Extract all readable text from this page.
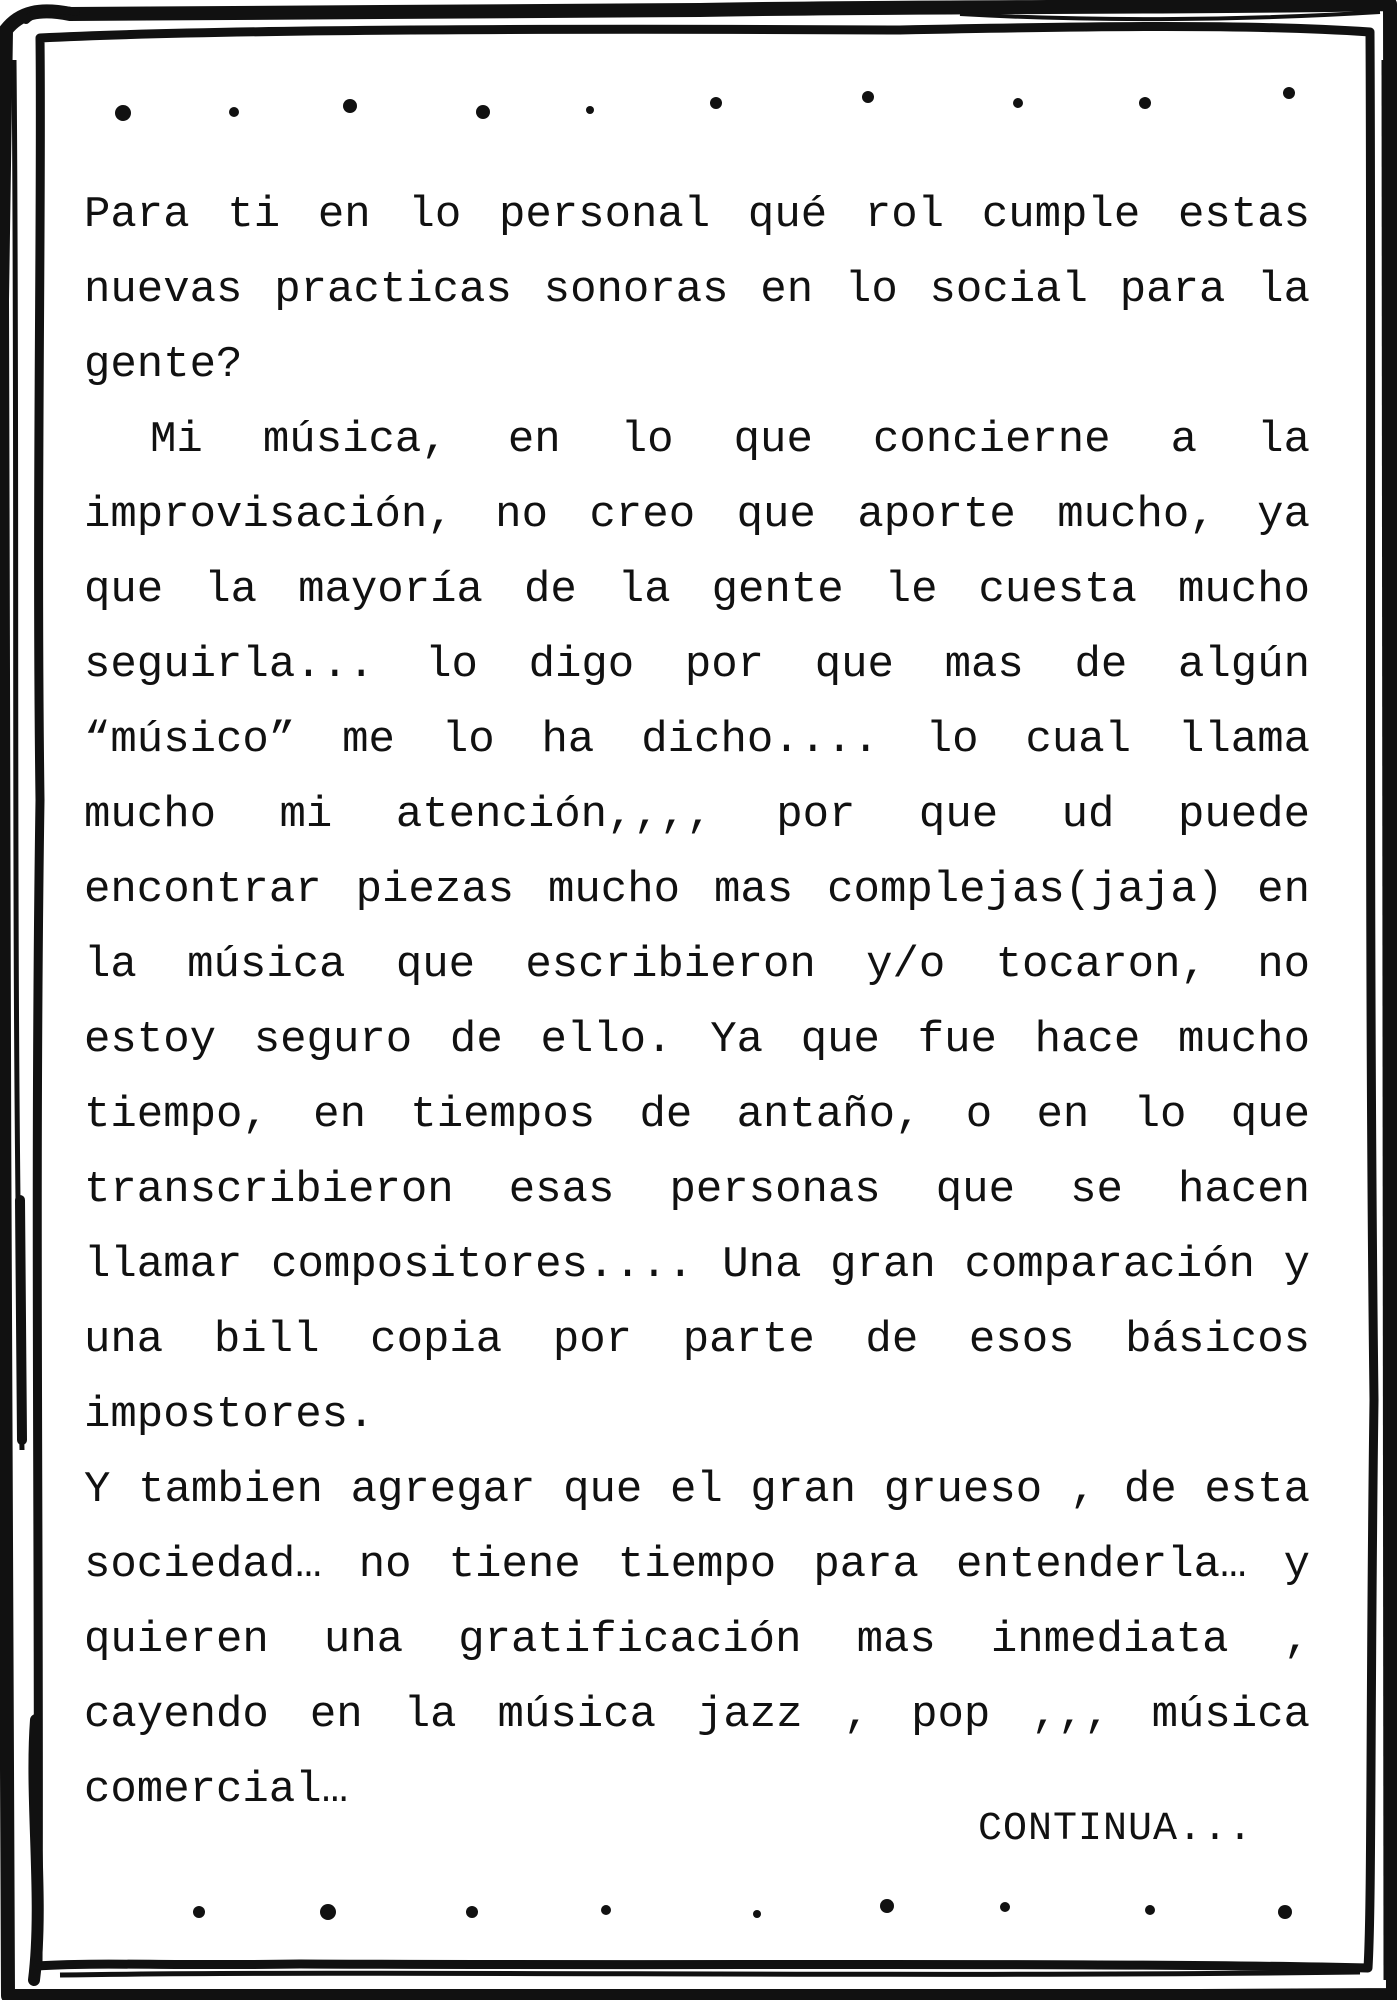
Para ti en lo personal qué rol cumple estas nuevas practicas sonoras en lo social para la gente?

Mi música, en lo que concierne a la improvisación, no creo que aporte mucho, ya que la mayoría de la gente le cuesta mucho seguirla... lo digo por que mas de algún “músico” me lo ha dicho.... lo cual llama mucho mi atención,,,, por que ud puede encontrar piezas mucho mas complejas(jaja) en la música que escribieron y/o tocaron, no estoy seguro de ello. Ya que fue hace mucho tiempo, en tiempos de antaño, o en lo que transcribieron esas personas que se hacen llamar compositores.... Una gran comparación y una bill copia por parte de esos básicos impostores.

Y tambien agregar que el gran grueso , de esta sociedad… no tiene tiempo para entenderla… y quieren una gratificación mas inmediata , cayendo en la música jazz , pop ,,, música comercial…

CONTINUA...
